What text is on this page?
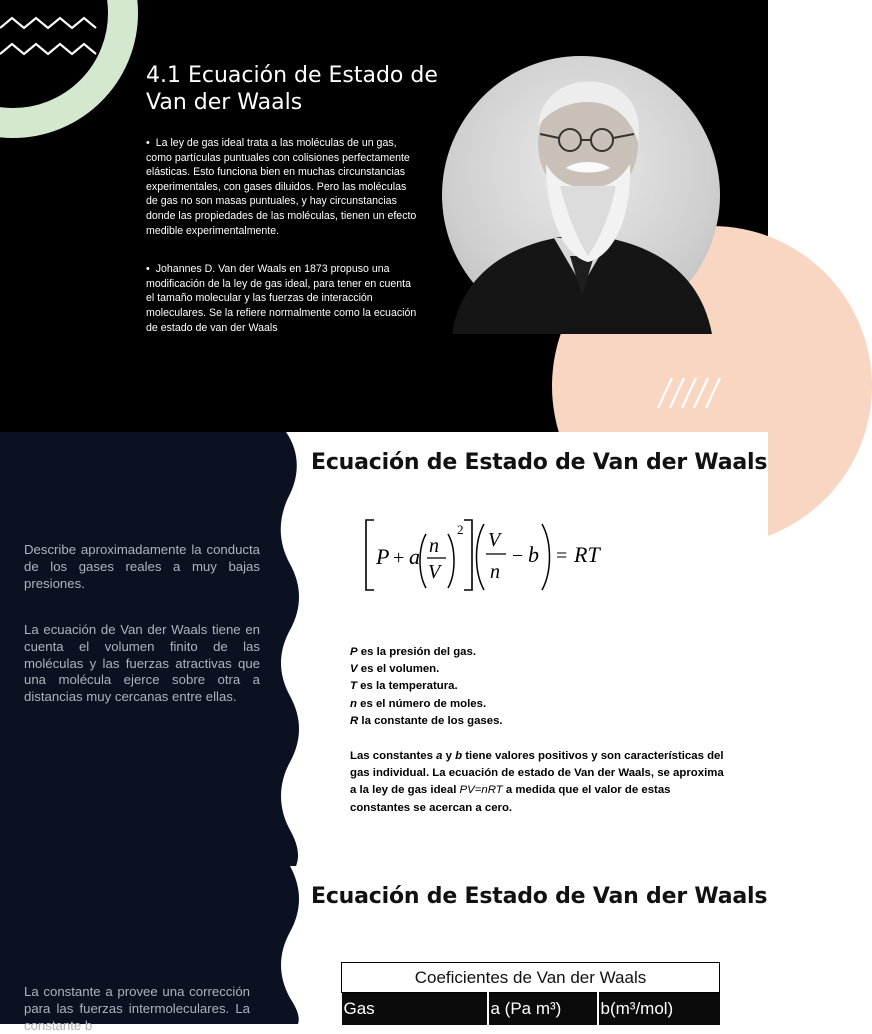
4.1 Ecuación de Estado de Van der Waals
• La ley de gas ideal trata a las moléculas de un gas, como partículas puntuales con colisiones perfectamente elásticas. Esto funciona bien en muchas circunstancias experimentales, con gases diluidos. Pero las moléculas de gas no son masas puntuales, y hay circunstancias donde las propiedades de las moléculas, tienen un efecto medible experimentalmente.
• Johannes D. Van der Waals en 1873 propuso una modificación de la ley de gas ideal, para tener en cuenta el tamaño molecular y las fuerzas de interacción moleculares. Se la refiere normalmente como la ecuación de estado de van der Waals

Describe aproximadamente la conducta de los gases reales a muy bajas presiones.

La ecuación de Van der Waals tiene en cuenta el volumen finito de las moléculas y las fuerzas atractivas que una molécula ejerce sobre otra a distancias muy cercanas entre ellas.

Ecuación de Estado de Van der Waals
P + a n
V
2 V
n
− b = RT
P es la presión del gas.
V es el volumen.
T es la temperatura.
n es el número de moles.
R la constante de los gases.

Las constantes a y b tiene valores positivos y son características del gas individual. La ecuación de estado de Van der Waals, se aproxima a la ley de gas ideal PV=nRT a medida que el valor de estas constantes se acercan a cero.

Ecuación de Estado de Van der Waals

La constante a provee una corrección para las fuerzas intermoleculares. La constante b

Coeficientes de Van der Waals
Gas	a (Pa m³)	b(m³/mol)
